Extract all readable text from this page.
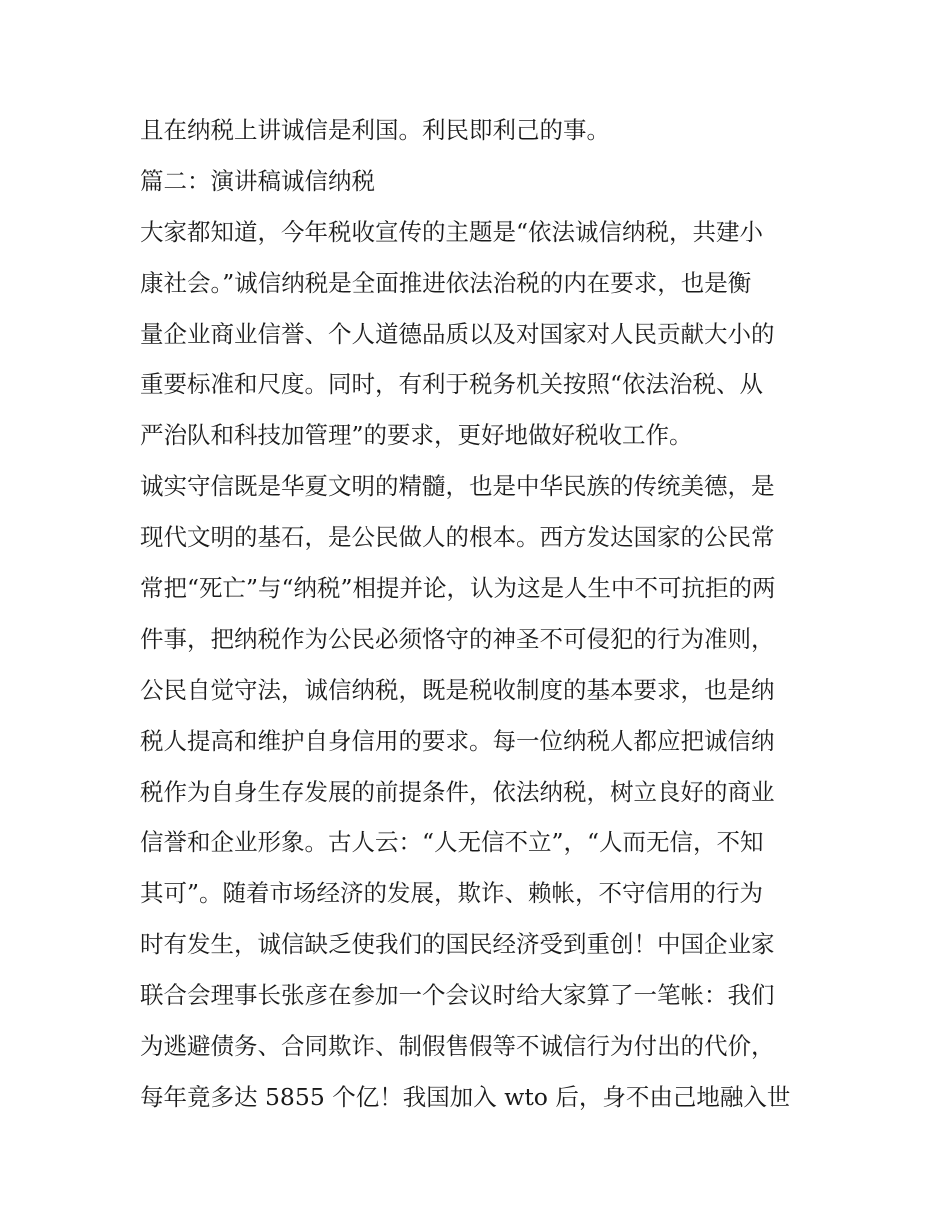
且在纳税上讲诚信是利国。利民即利己的事。
篇二：演讲稿诚信纳税
大家都知道，今年税收宣传的主题是“依法诚信纳税，共建小
康社会。”诚信纳税是全面推进依法治税的内在要求，也是衡
量企业商业信誉、个人道德品质以及对国家对人民贡献大小的
重要标准和尺度。同时，有利于税务机关按照“依法治税、从
严治队和科技加管理”的要求，更好地做好税收工作。
诚实守信既是华夏文明的精髓，也是中华民族的传统美德，是
现代文明的基石，是公民做人的根本。西方发达国家的公民常
常把“死亡”与“纳税”相提并论，认为这是人生中不可抗拒的两
件事，把纳税作为公民必须恪守的神圣不可侵犯的行为准则，
公民自觉守法，诚信纳税，既是税收制度的基本要求，也是纳
税人提高和维护自身信用的要求。每一位纳税人都应把诚信纳
税作为自身生存发展的前提条件，依法纳税，树立良好的商业
信誉和企业形象。古人云：“人无信不立”，“人而无信，不知
其可”。随着市场经济的发展，欺诈、赖帐，不守信用的行为
时有发生，诚信缺乏使我们的国民经济受到重创！中国企业家
联合会理事长张彦在参加一个会议时给大家算了一笔帐：我们
为逃避债务、合同欺诈、制假售假等不诚信行为付出的代价，
每年竟多达 5855 个亿！我国加入 wto 后，身不由己地融入世
